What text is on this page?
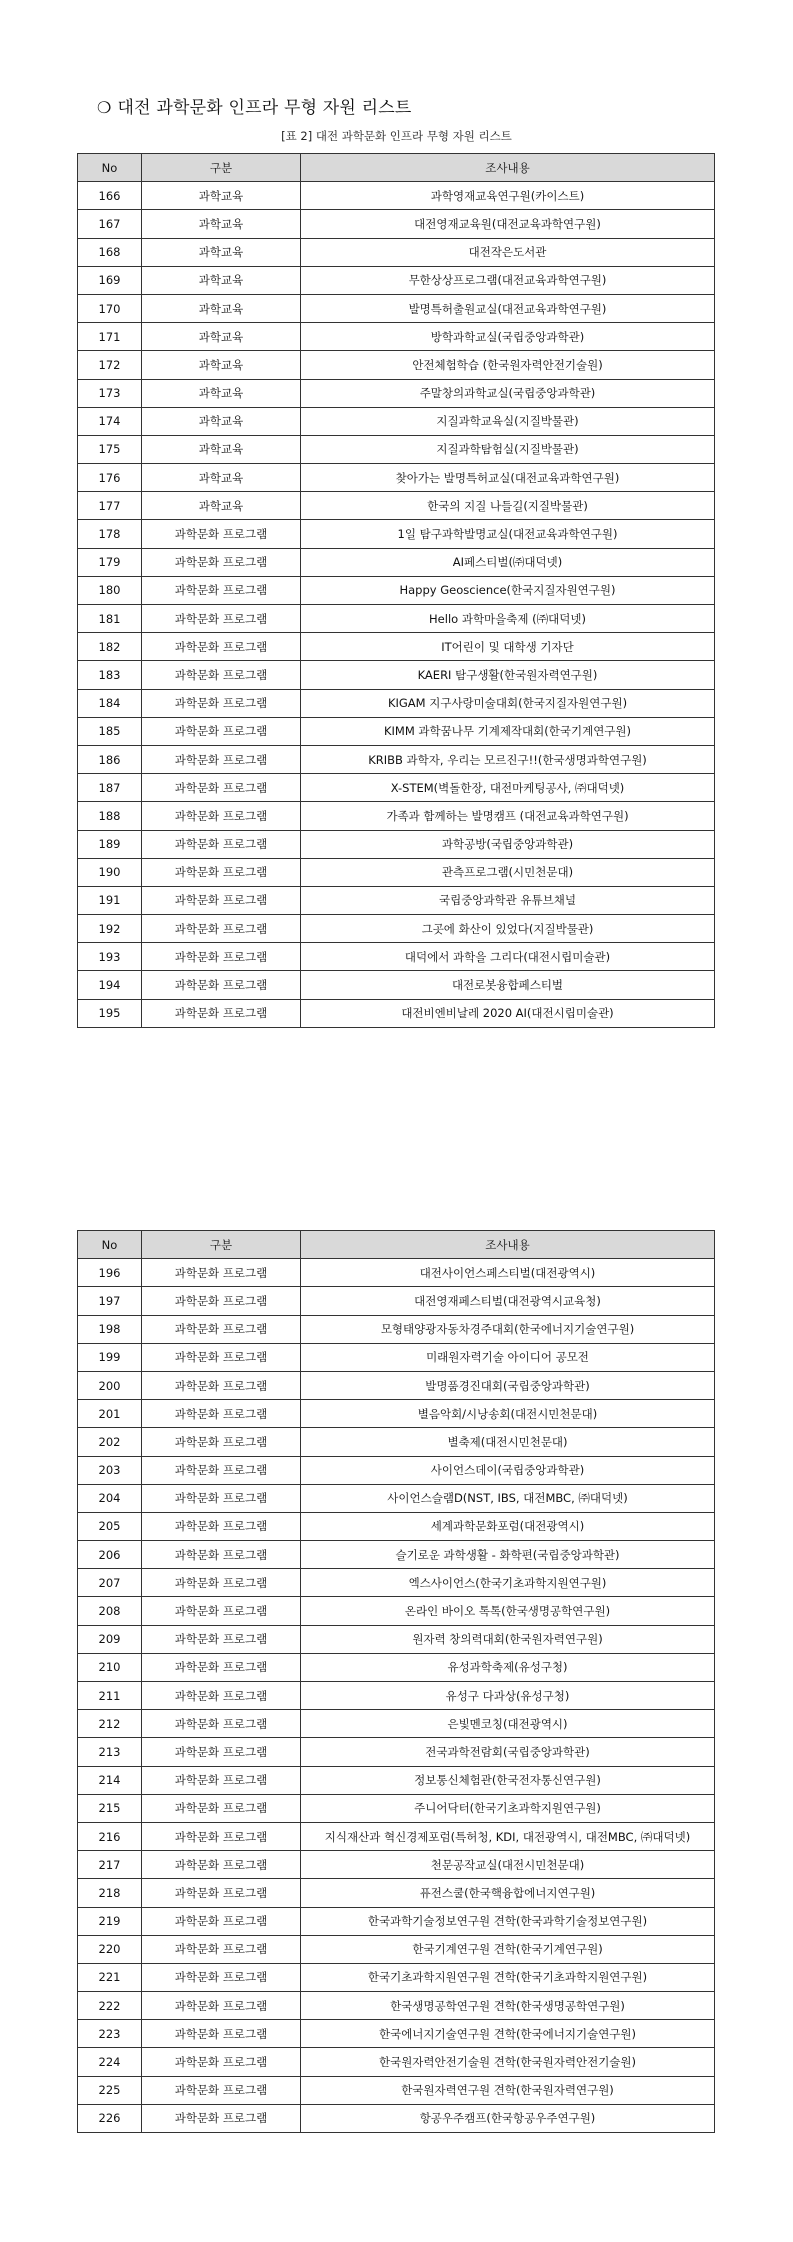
❍ 대전 과학문화 인프라 무형 자원 리스트
[표 2] 대전 과학문화 인프라 무형 자원 리스트
No	구분	조사내용
166	과학교육	과학영재교육연구원(카이스트)
167	과학교육	대전영재교육원(대전교육과학연구원)
168	과학교육	대전작은도서관
169	과학교육	무한상상프로그램(대전교육과학연구원)
170	과학교육	발명특허출원교실(대전교육과학연구원)
171	과학교육	방학과학교실(국립중앙과학관)
172	과학교육	안전체험학습 (한국원자력안전기술원)
173	과학교육	주말창의과학교실(국립중앙과학관)
174	과학교육	지질과학교육실(지질박물관)
175	과학교육	지질과학탐험실(지질박물관)
176	과학교육	찾아가는 발명특허교실(대전교육과학연구원)
177	과학교육	한국의 지질 나들길(지질박물관)
178	과학문화 프로그램	1일 탐구과학발명교실(대전교육과학연구원)
179	과학문화 프로그램	AI페스티벌(㈜대덕넷)
180	과학문화 프로그램	Happy Geoscience(한국지질자원연구원)
181	과학문화 프로그램	Hello 과학마을축제 (㈜대덕넷)
182	과학문화 프로그램	IT어린이 및 대학생 기자단
183	과학문화 프로그램	KAERI 탐구생활(한국원자력연구원)
184	과학문화 프로그램	KIGAM 지구사랑미술대회(한국지질자원연구원)
185	과학문화 프로그램	KIMM 과학꿈나무 기계제작대회(한국기계연구원)
186	과학문화 프로그램	KRIBB 과학자, 우리는 모르진구!!(한국생명과학연구원)
187	과학문화 프로그램	X-STEM(벽돌한장, 대전마케팅공사, ㈜대덕넷)
188	과학문화 프로그램	가족과 함께하는 발명캠프 (대전교육과학연구원)
189	과학문화 프로그램	과학공방(국립중앙과학관)
190	과학문화 프로그램	관측프로그램(시민천문대)
191	과학문화 프로그램	국립중앙과학관 유튜브채널
192	과학문화 프로그램	그곳에 화산이 있었다(지질박물관)
193	과학문화 프로그램	대덕에서 과학을 그리다(대전시립미술관)
194	과학문화 프로그램	대전로봇융합페스티벌
195	과학문화 프로그램	대전비엔비날레 2020 AI(대전시립미술관)
No	구분	조사내용
196	과학문화 프로그램	대전사이언스페스티벌(대전광역시)
197	과학문화 프로그램	대전영재페스티벌(대전광역시교육청)
198	과학문화 프로그램	모형태양광자동차경주대회(한국에너지기술연구원)
199	과학문화 프로그램	미래원자력기술 아이디어 공모전
200	과학문화 프로그램	발명품경진대회(국립중앙과학관)
201	과학문화 프로그램	별음악회/시낭송회(대전시민천문대)
202	과학문화 프로그램	별축제(대전시민천문대)
203	과학문화 프로그램	사이언스데이(국립중앙과학관)
204	과학문화 프로그램	사이언스슬램D(NST, IBS, 대전MBC, ㈜대덕넷)
205	과학문화 프로그램	세계과학문화포럼(대전광역시)
206	과학문화 프로그램	슬기로운 과학생활 - 화학편(국립중앙과학관)
207	과학문화 프로그램	엑스사이언스(한국기초과학지원연구원)
208	과학문화 프로그램	온라인 바이오 톡톡(한국생명공학연구원)
209	과학문화 프로그램	원자력 창의력대회(한국원자력연구원)
210	과학문화 프로그램	유성과학축제(유성구청)
211	과학문화 프로그램	유성구 다과상(유성구청)
212	과학문화 프로그램	은빛멘코칭(대전광역시)
213	과학문화 프로그램	전국과학전람회(국립중앙과학관)
214	과학문화 프로그램	정보통신체험관(한국전자통신연구원)
215	과학문화 프로그램	주니어닥터(한국기초과학지원연구원)
216	과학문화 프로그램	지식재산과 혁신경제포럼(특허청, KDI, 대전광역시, 대전MBC, ㈜대덕넷)
217	과학문화 프로그램	천문공작교실(대전시민천문대)
218	과학문화 프로그램	퓨전스쿨(한국핵융합에너지연구원)
219	과학문화 프로그램	한국과학기술정보연구원 견학(한국과학기술정보연구원)
220	과학문화 프로그램	한국기계연구원 견학(한국기계연구원)
221	과학문화 프로그램	한국기초과학지원연구원 견학(한국기초과학지원연구원)
222	과학문화 프로그램	한국생명공학연구원 견학(한국생명공학연구원)
223	과학문화 프로그램	한국에너지기술연구원 견학(한국에너지기술연구원)
224	과학문화 프로그램	한국원자력안전기술원 견학(한국원자력안전기술원)
225	과학문화 프로그램	한국원자력연구원 견학(한국원자력연구원)
226	과학문화 프로그램	항공우주캠프(한국항공우주연구원)
